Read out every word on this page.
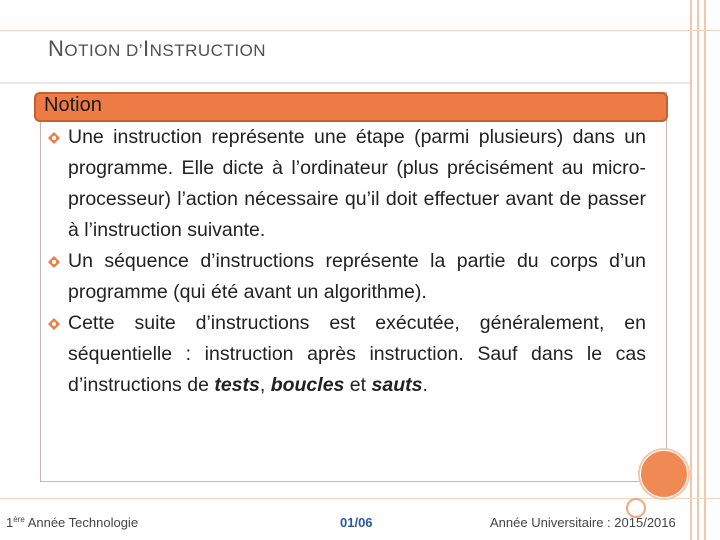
NOTION D’INSTRUCTION
Notion
Une instruction représente une étape (parmi plusieurs) dans un programme. Elle dicte à l’ordinateur (plus précisément au micro-processeur) l’action nécessaire qu’il doit effectuer avant de passer à l’instruction suivante.
Un séquence d’instructions représente la partie du corps d’un programme (qui été avant un algorithme).
Cette suite d’instructions est exécutée, généralement, en séquentielle : instruction après instruction. Sauf dans le cas d’instructions de tests, boucles et sauts.
1ère Année Technologie	01/06	Année Universitaire : 2015/2016
